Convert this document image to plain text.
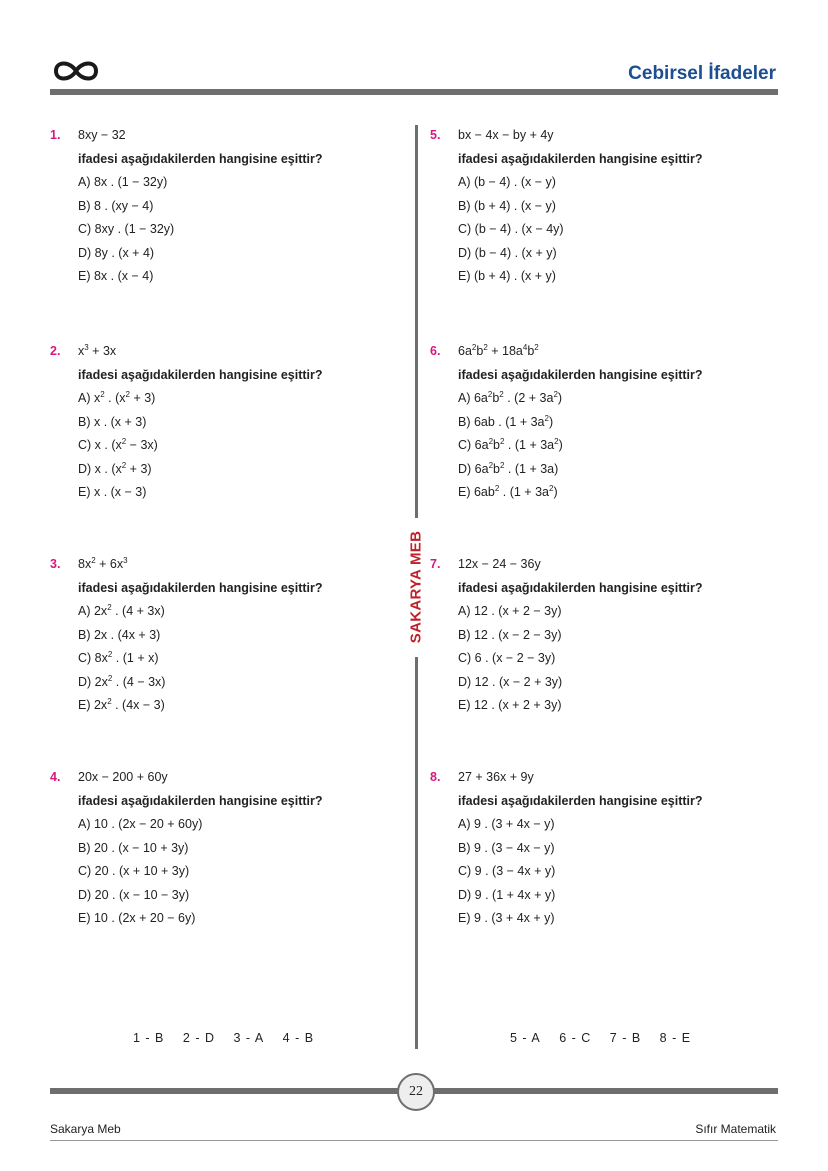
Cebirsel İfadeler
SAKARYA MEB
1. 8xy − 32
ifadesi aşağıdakilerden hangisine eşittir?
A) 8x . (1 − 32y)
B) 8 . (xy − 4)
C) 8xy . (1 − 32y)
D) 8y . (x + 4)
E) 8x . (x − 4)
2. $x^3 + 3x$
ifadesi aşağıdakilerden hangisine eşittir?
A) $x^2$ . $(x^2 + 3)$
B) x . (x + 3)
C) x . $(x^2 - 3x)$
D) x . $(x^2 + 3)$
E) x . (x − 3)
3. $8x^2 + 6x^3$
ifadesi aşağıdakilerden hangisine eşittir?
A) $2x^2$ . (4 + 3x)
B) 2x . (4x + 3)
C) $8x^2$ . (1 + x)
D) $2x^2$ . (4 − 3x)
E) $2x^2$ . (4x − 3)
4. 20x − 200 + 60y
ifadesi aşağıdakilerden hangisine eşittir?
A) 10 . (2x − 20 + 60y)
B) 20 . (x − 10 + 3y)
C) 20 . (x + 10 + 3y)
D) 20 . (x − 10 − 3y)
E) 10 . (2x + 20 − 6y)
5. bx − 4x − by + 4y
ifadesi aşağıdakilerden hangisine eşittir?
A) (b − 4) . (x − y)
B) (b + 4) . (x − y)
C) (b − 4) . (x − 4y)
D) (b − 4) . (x + y)
E) (b + 4) . (x + y)
6. $6a^2b^2 + 18a^4b^2$
ifadesi aşağıdakilerden hangisine eşittir?
A) $6a^2b^2$ . $(2 + 3a^2)$
B) 6ab . $(1 + 3a^2)$
C) $6a^2b^2$ . $(1 + 3a^2)$
D) $6a^2b^2$ . (1 + 3a)
E) $6ab^2$ . $(1 + 3a^2)$
7. 12x − 24 − 36y
ifadesi aşağıdakilerden hangisine eşittir?
A) 12 . (x + 2 − 3y)
B) 12 . (x − 2 − 3y)
C) 6 . (x − 2 − 3y)
D) 12 . (x − 2 + 3y)
E) 12 . (x + 2 + 3y)
8. 27 + 36x + 9y
ifadesi aşağıdakilerden hangisine eşittir?
A) 9 . (3 + 4x − y)
B) 9 . (3 − 4x − y)
C) 9 . (3 − 4x + y)
D) 9 . (1 + 4x + y)
E) 9 . (3 + 4x + y)
1 - B 2 - D 3 - A 4 - B	5 - A 6 - C 7 - B 8 - E
22
Sakarya Meb	Sıfır Matematik
